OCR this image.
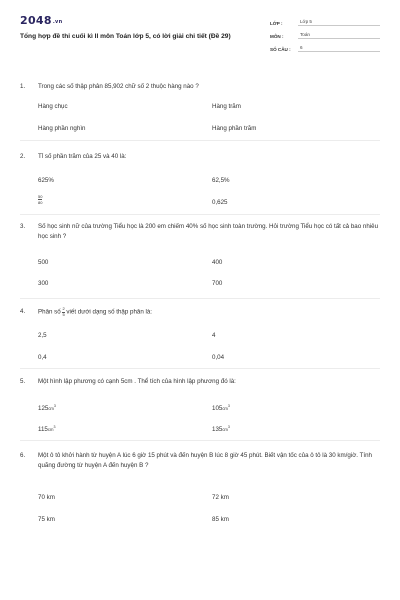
2048.vn
Tổng hợp đề thi cuối kì II môn Toán lớp 5, có lời giải chi tiết (Đề 29)
LỚP :	Lớp 5
MÔN :	Toán
SỐ CÂU :	6
1.	Trong các số thập phân 85,902 chữ số 2 thuộc hàng nào ?
Hàng chục	Hàng trăm
Hàng phần nghìn	Hàng phần trăm
2.	Tỉ số phần trăm của 25 và 40 là:
625%	62,5%
$\frac{50}{80}$	0,625
3.	Số học sinh nữ của trường Tiểu học là 200 em chiếm 40% số học sinh toàn trường. Hỏi trường Tiểu học có tất cả bao nhiêu học sinh ?
500	400
300	700
4.	Phân số $\frac{2}{5}$ viết dưới dạng số thập phân là:
2,5	4
0,4	0,04
5.	Một hình lập phương có cạnh 5cm . Thể tích của hình lập phương đó là:
$125cm^3$	$105cm^3$
$115cm^3$	$135cm^3$
6.	Một ô tô khởi hành từ huyện A lúc 6 giờ 15 phút và đến huyện B lúc 8 giờ 45 phút. Biết vận tốc của ô tô là 30 km/giờ. Tính quãng đường từ huyện A đến huyện B ?
70 km	72 km
75 km	85 km
